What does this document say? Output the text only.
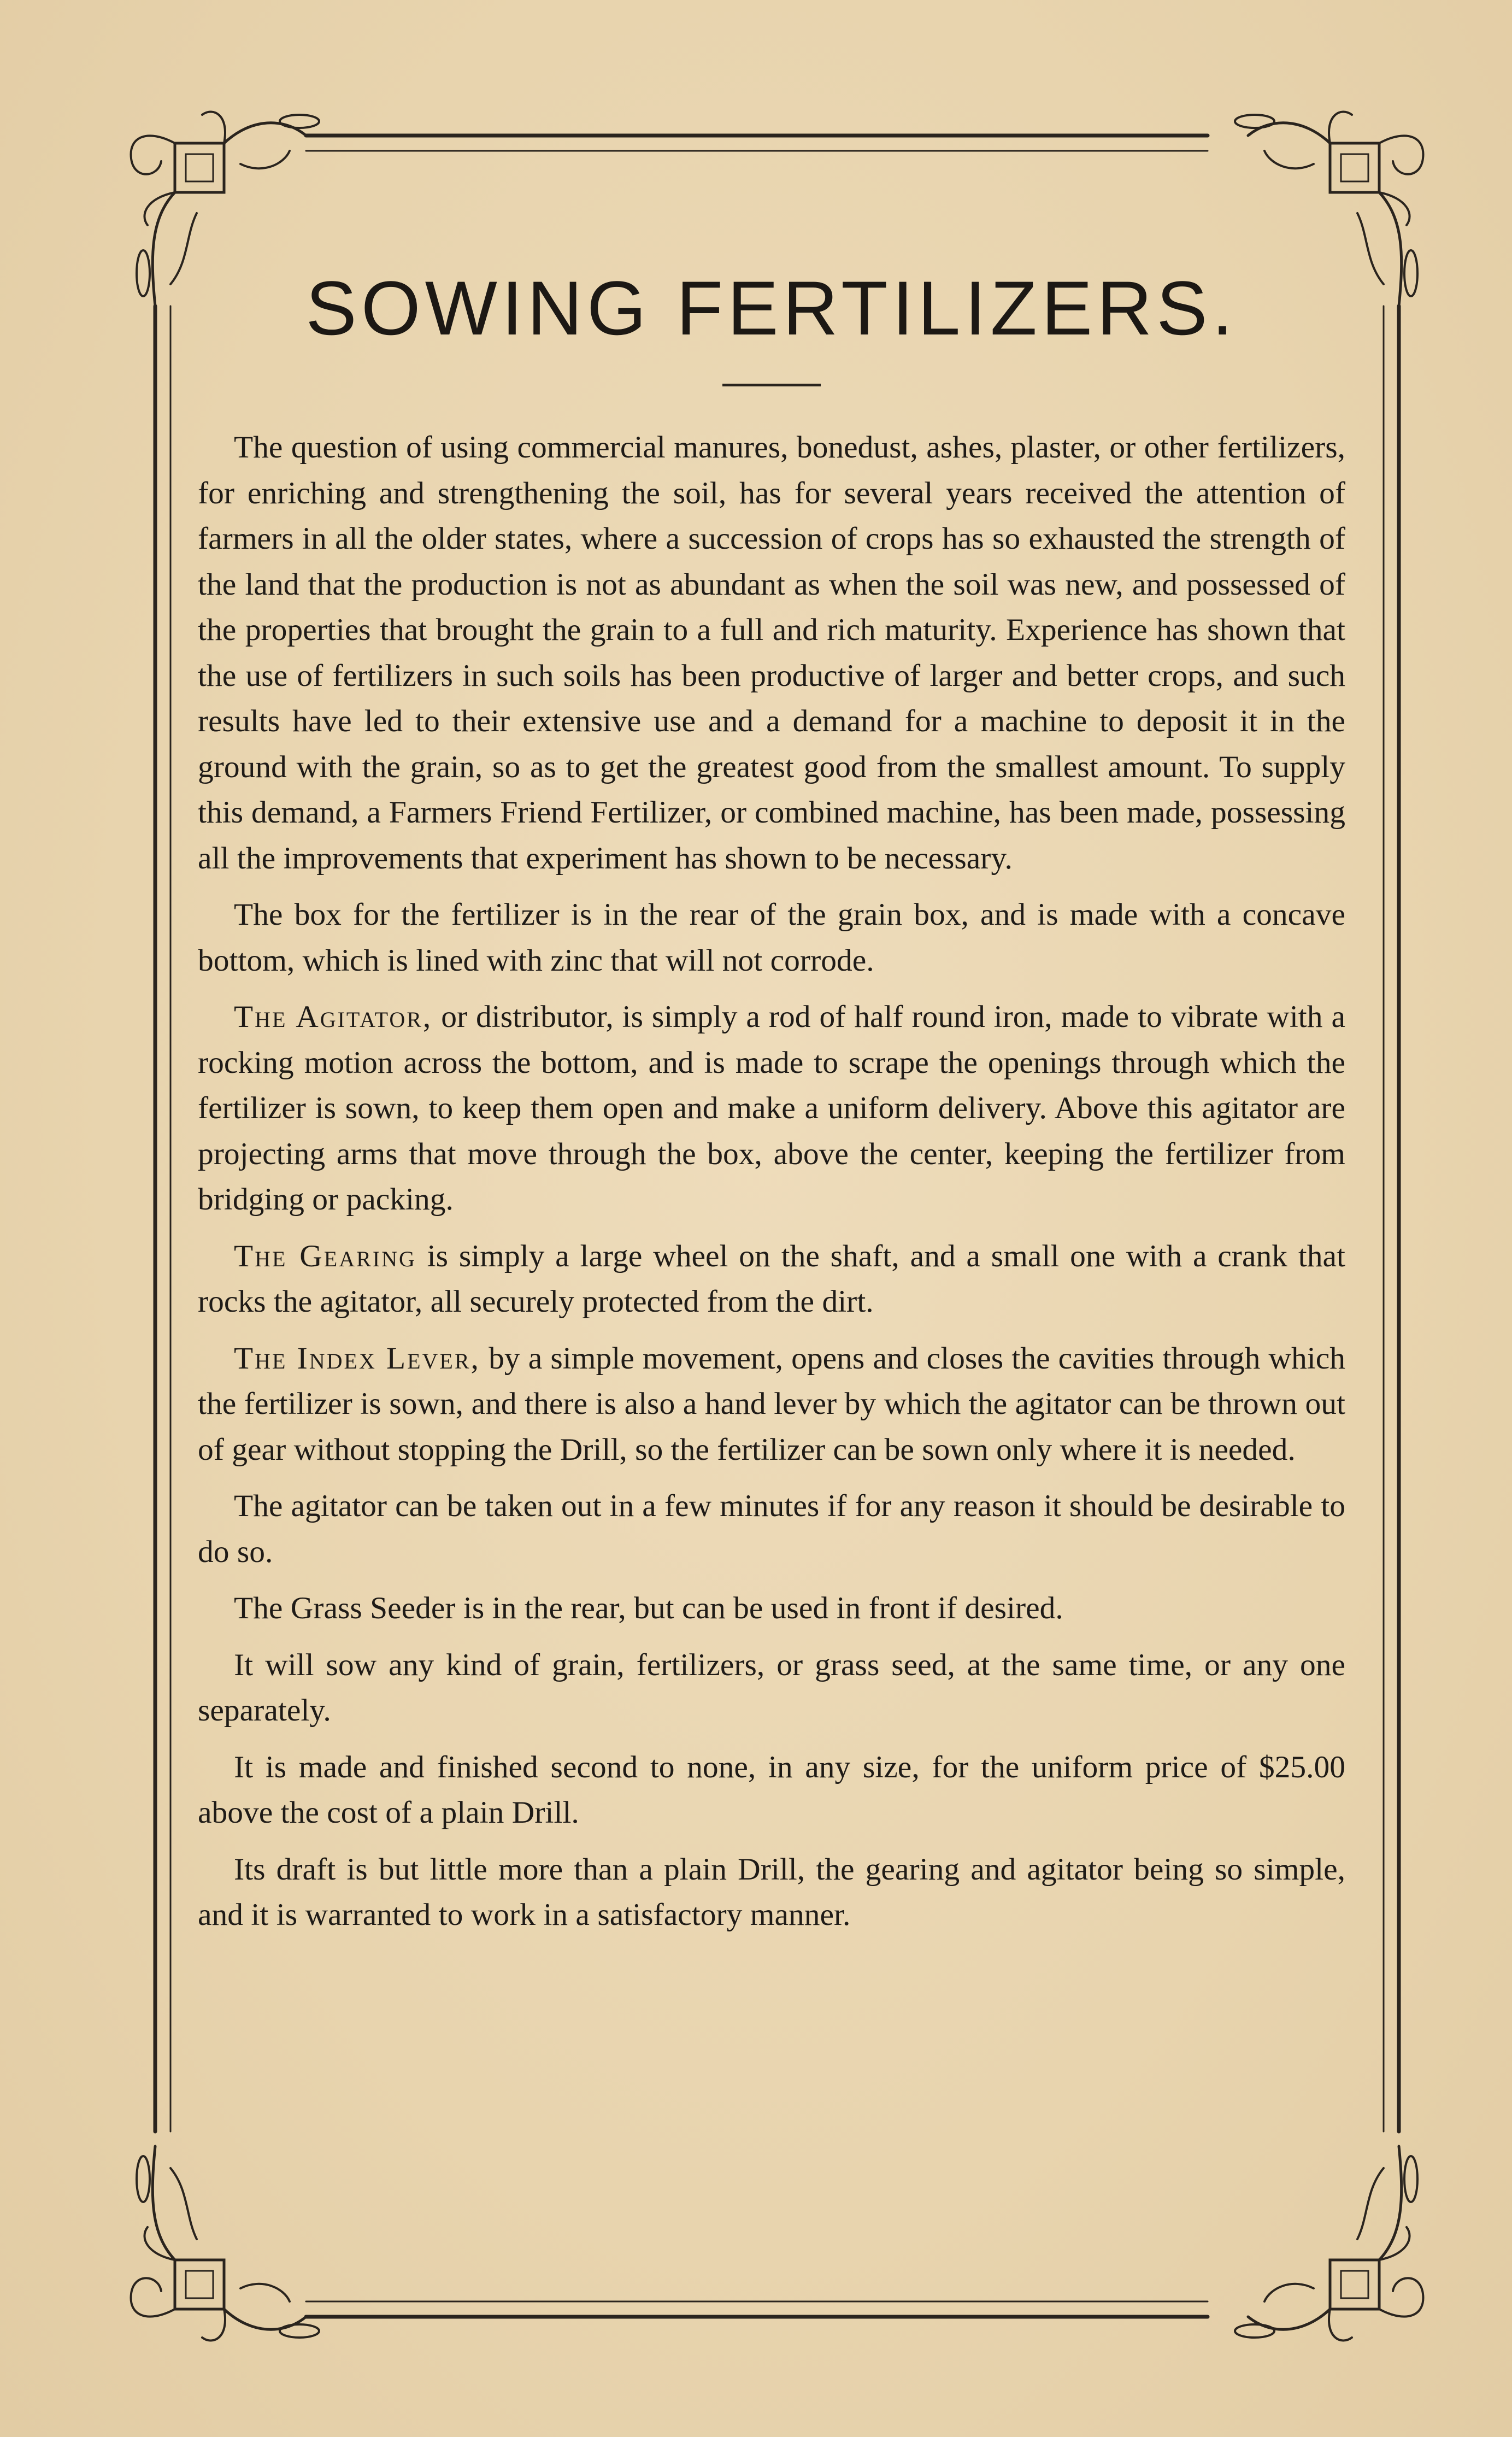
SOWING FERTILIZERS.

The question of using commercial manures, bonedust, ashes, plaster, or other fertilizers, for enriching and strengthening the soil, has for several years received the attention of farmers in all the older states, where a succession of crops has so exhausted the strength of the land that the production is not as abundant as when the soil was new, and possessed of the properties that brought the grain to a full and rich maturity. Experience has shown that the use of fertilizers in such soils has been productive of larger and better crops, and such results have led to their extensive use and a demand for a machine to deposit it in the ground with the grain, so as to get the greatest good from the smallest amount. To supply this demand, a Farmers Friend Fertilizer, or combined machine, has been made, possessing all the improvements that experiment has shown to be necessary.

The box for the fertilizer is in the rear of the grain box, and is made with a concave bottom, which is lined with zinc that will not corrode.

The Agitator, or distributor, is simply a rod of half round iron, made to vibrate with a rocking motion across the bottom, and is made to scrape the openings through which the fertilizer is sown, to keep them open and make a uniform delivery. Above this agitator are projecting arms that move through the box, above the center, keeping the fertilizer from bridging or packing.

The Gearing is simply a large wheel on the shaft, and a small one with a crank that rocks the agitator, all securely protected from the dirt.

The Index Lever, by a simple movement, opens and closes the cavities through which the fertilizer is sown, and there is also a hand lever by which the agitator can be thrown out of gear without stopping the Drill, so the fertilizer can be sown only where it is needed.

The agitator can be taken out in a few minutes if for any reason it should be desirable to do so.

The Grass Seeder is in the rear, but can be used in front if desired.

It will sow any kind of grain, fertilizers, or grass seed, at the same time, or any one separately.

It is made and finished second to none, in any size, for the uniform price of $25.00 above the cost of a plain Drill.

Its draft is but little more than a plain Drill, the gearing and agitator being so simple, and it is warranted to work in a satisfactory manner.
